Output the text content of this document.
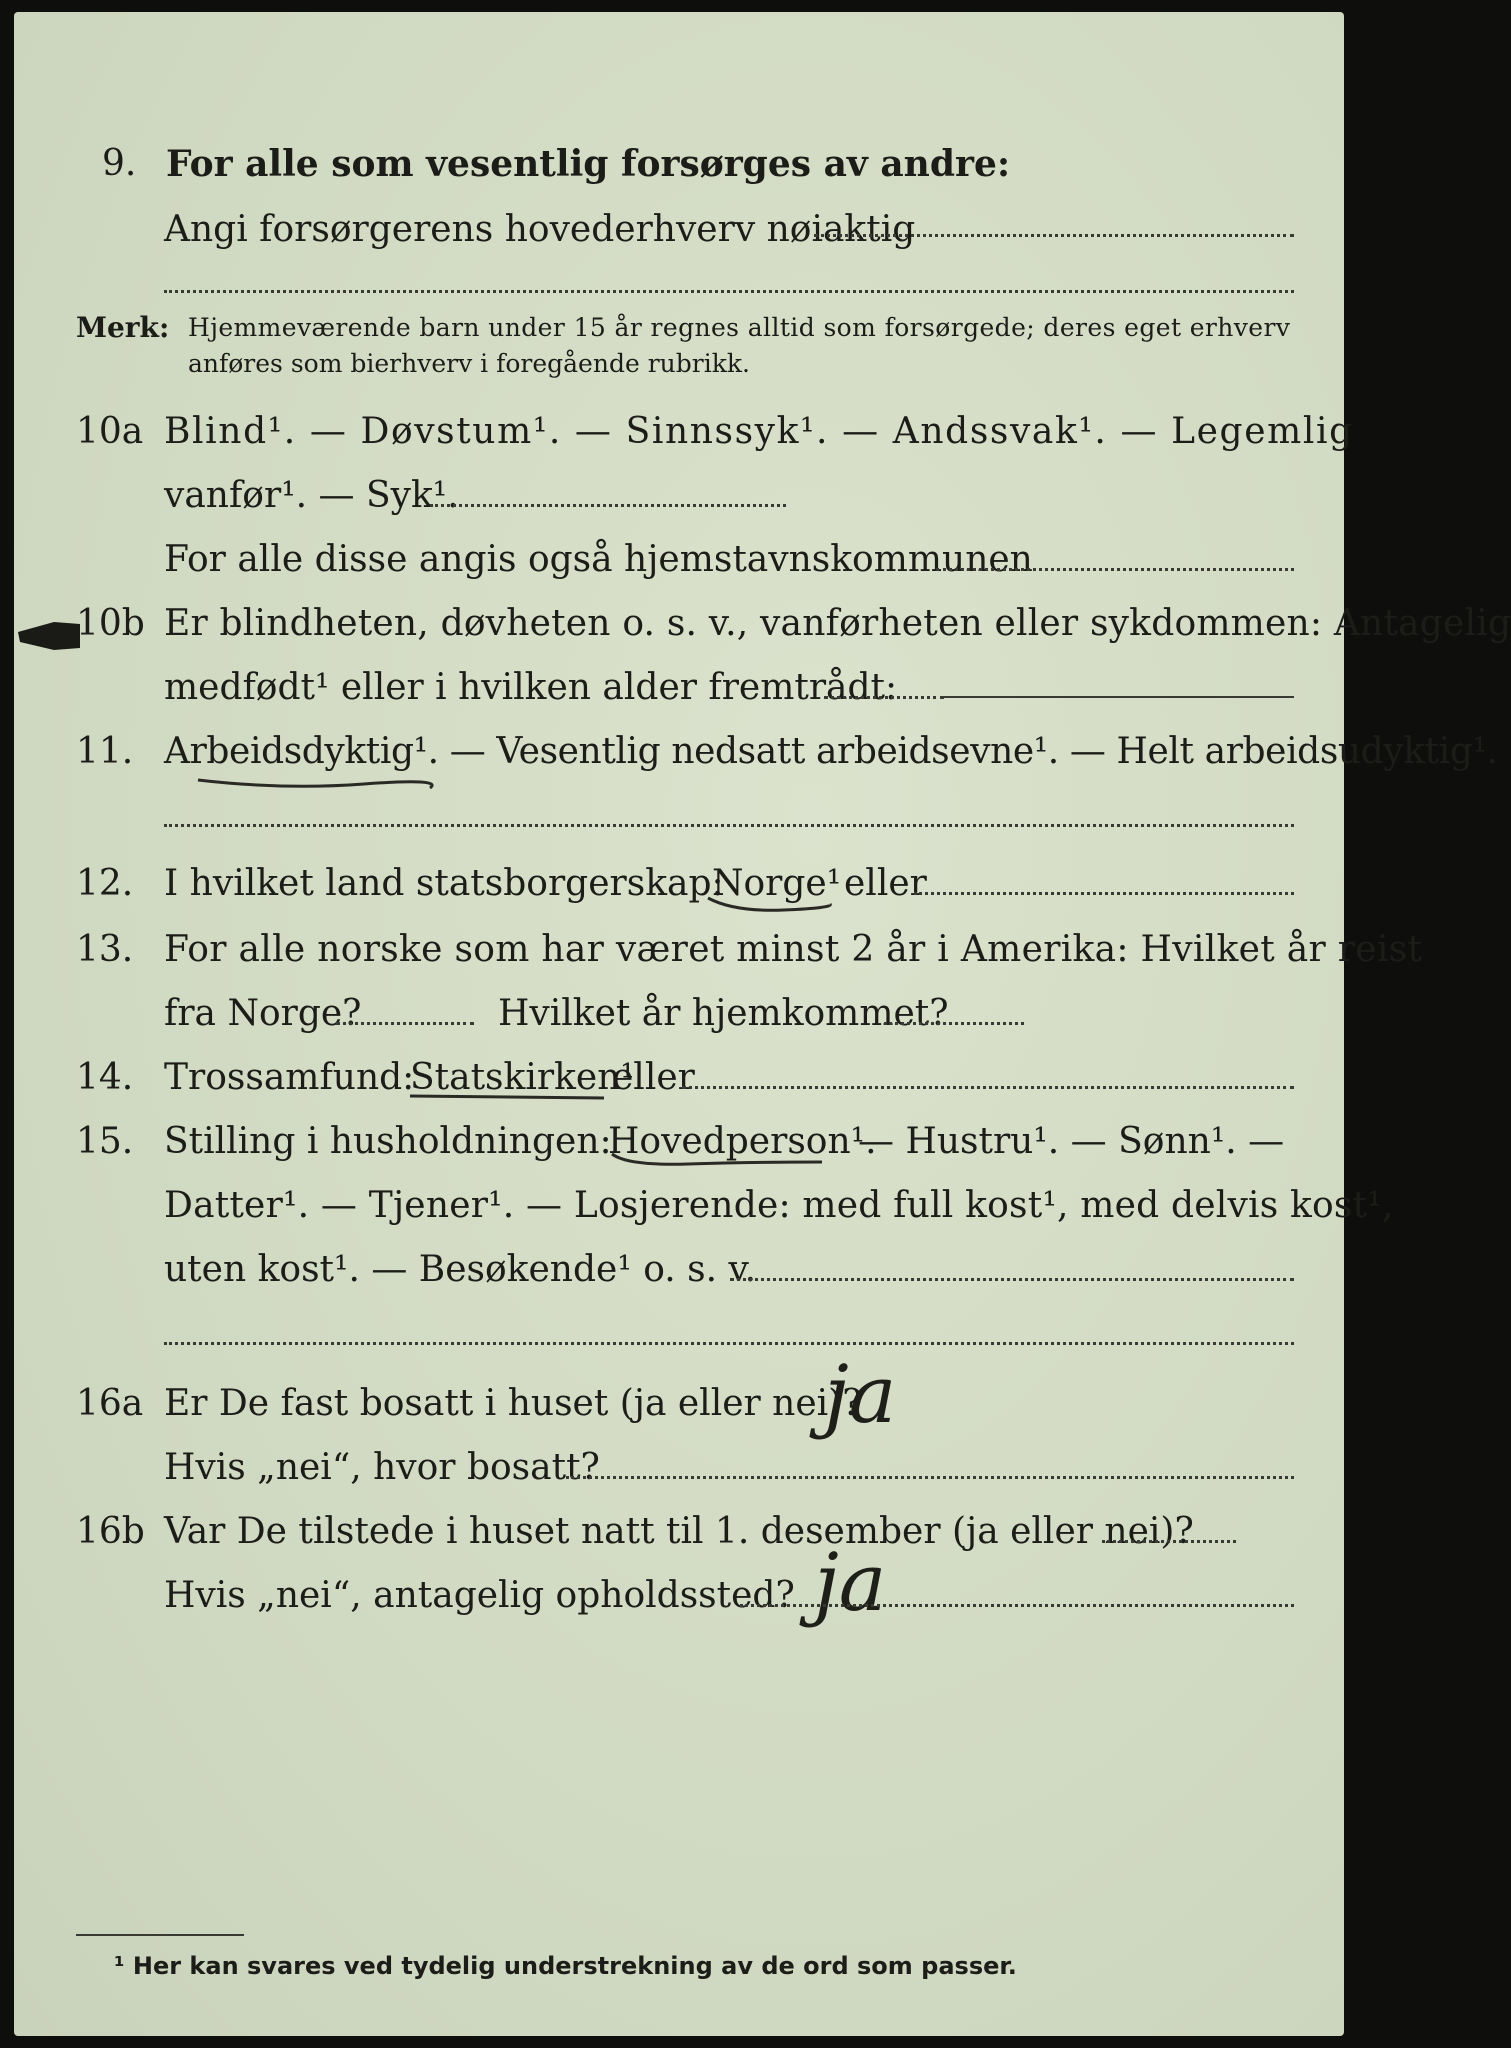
9. For alle som vesentlig forsørges av andre:
Angi forsørgerens hovederhverv nøiaktig
Merk: Hjemmeværende barn under 15 år regnes alltid som forsørgede; deres eget erhverv
anføres som bierhverv i foregående rubrikk.
10a Blind¹. — Døvstum¹. — Sinnssyk¹. — Andssvak¹. — Legemlig
vanfør¹. — Syk¹.
For alle disse angis også hjemstavnskommunen
10b Er blindheten, døvheten o. s. v., vanførheten eller sykdommen: Antagelig
medfødt¹ eller i hvilken alder fremtrådt:
11. Arbeidsdyktig¹. — Vesentlig nedsatt arbeidsevne¹. — Helt arbeidsudyktig¹.
12. I hvilket land statsborgerskap:
Norge¹ eller
13. For alle norske som har været minst 2 år i Amerika: Hvilket år reist
fra Norge?	Hvilket år hjemkommet?
14. Trossamfund:
Statskirken¹
eller
15. Stilling i husholdningen:
Hovedperson¹.
— Hustru¹. — Sønn¹. —
Datter¹. — Tjener¹. — Losjerende: med full kost¹, med delvis kost¹,
uten kost¹. — Besøkende¹ o. s. v.
16a Er De fast bosatt i huset (ja eller nei)?
ja
Hvis „nei“, hvor bosatt?
16b Var De tilstede i huset natt til 1. desember (ja eller nei)?
Hvis „nei“, antagelig opholdssted? ja
¹ Her kan svares ved tydelig understrekning av de ord som passer.
